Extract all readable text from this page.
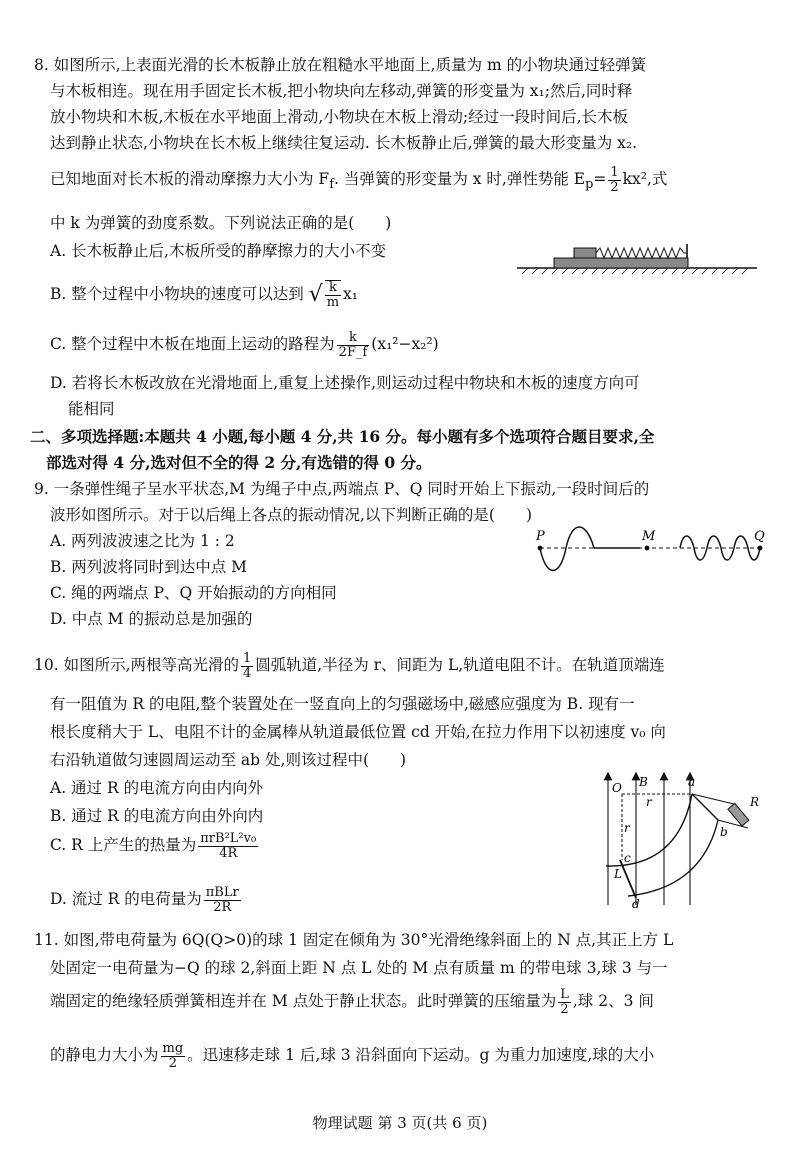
8. 如图所示,上表面光滑的长木板静止放在粗糙水平地面上,质量为 m 的小物块通过轻弹簧
与木板相连。现在用手固定长木板,把小物块向左移动,弹簧的形变量为 x₁;然后,同时释
放小物块和木板,木板在水平地面上滑动,小物块在木板上滑动;经过一段时间后,长木板
达到静止状态,小物块在长木板上继续往复运动. 长木板静止后,弹簧的最大形变量为 x₂.
已知地面对长木板的滑动摩擦力大小为 $F_f$. 当弹簧的形变量为 x 时,弹性势能 $E_p= \frac{1}{2} kx^2$,式
中 k 为弹簧的劲度系数。下列说法正确的是(　　)
A. 长木板静止后,木板所受的静摩擦力的大小不变
B. 整个过程中小物块的速度可以达到 √ $\frac{k}{m} x_1$
C. 整个过程中木板在地面上运动的路程为 $\frac{k}{2F\_f} (x_1^2-x_2^2)$
D. 若将长木板改放在光滑地面上,重复上述操作,则运动过程中物块和木板的速度方向可
能相同
二、多项选择题:本题共 4 小题,每小题 4 分,共 16 分。每小题有多个选项符合题目要求,全
部选对得 4 分,选对但不全的得 2 分,有选错的得 0 分。
9. 一条弹性绳子呈水平状态,M 为绳子中点,两端点 P、Q 同时开始上下振动,一段时间后的
波形如图所示。对于以后绳上各点的振动情况,以下判断正确的是(　　)
A. 两列波波速之比为 1 : 2
B. 两列波将同时到达中点 M
C. 绳的两端点 P、Q 开始振动的方向相同
D. 中点 M 的振动总是加强的
P	M	Q
10. 如图所示,两根等高光滑的 $\frac{1}{4}$ 圆弧轨道,半径为 r、间距为 L,轨道电阻不计。在轨道顶端连
有一阻值为 R 的电阻,整个装置处在一竖直向上的匀强磁场中,磁感应强度为 B. 现有一
根长度稍大于 L、电阻不计的金属棒从轨道最低位置 cd 开始,在拉力作用下以初速度 v₀ 向
右沿轨道做匀速圆周运动至 ab 处,则该过程中(　　)
A. 通过 R 的电流方向由内向外
B. 通过 R 的电流方向由外向内
C. R 上产生的热量为 $\frac{\text{πrB²L²v₀}}{4R}$
D. 流过 R 的电荷量为 $\frac{\text{πBLr}}{2R}$
O B
r
r
a
b
c
d
L
R
11. 如图,带电荷量为 6Q(Q>0)的球 1 固定在倾角为 30°光滑绝缘斜面上的 N 点,其正上方 L
处固定一电荷量为−Q 的球 2,斜面上距 N 点 L 处的 M 点有质量 m 的带电球 3,球 3 与一
端固定的绝缘轻质弹簧相连并在 M 点处于静止状态。此时弹簧的压缩量为 $\frac{L}{2}$ ,球 2、3 间
的静电力大小为 $\frac{mg}{2}$ 。迅速移走球 1 后,球 3 沿斜面向下运动。g 为重力加速度,球的大小
物理试题 第 3 页(共 6 页)
